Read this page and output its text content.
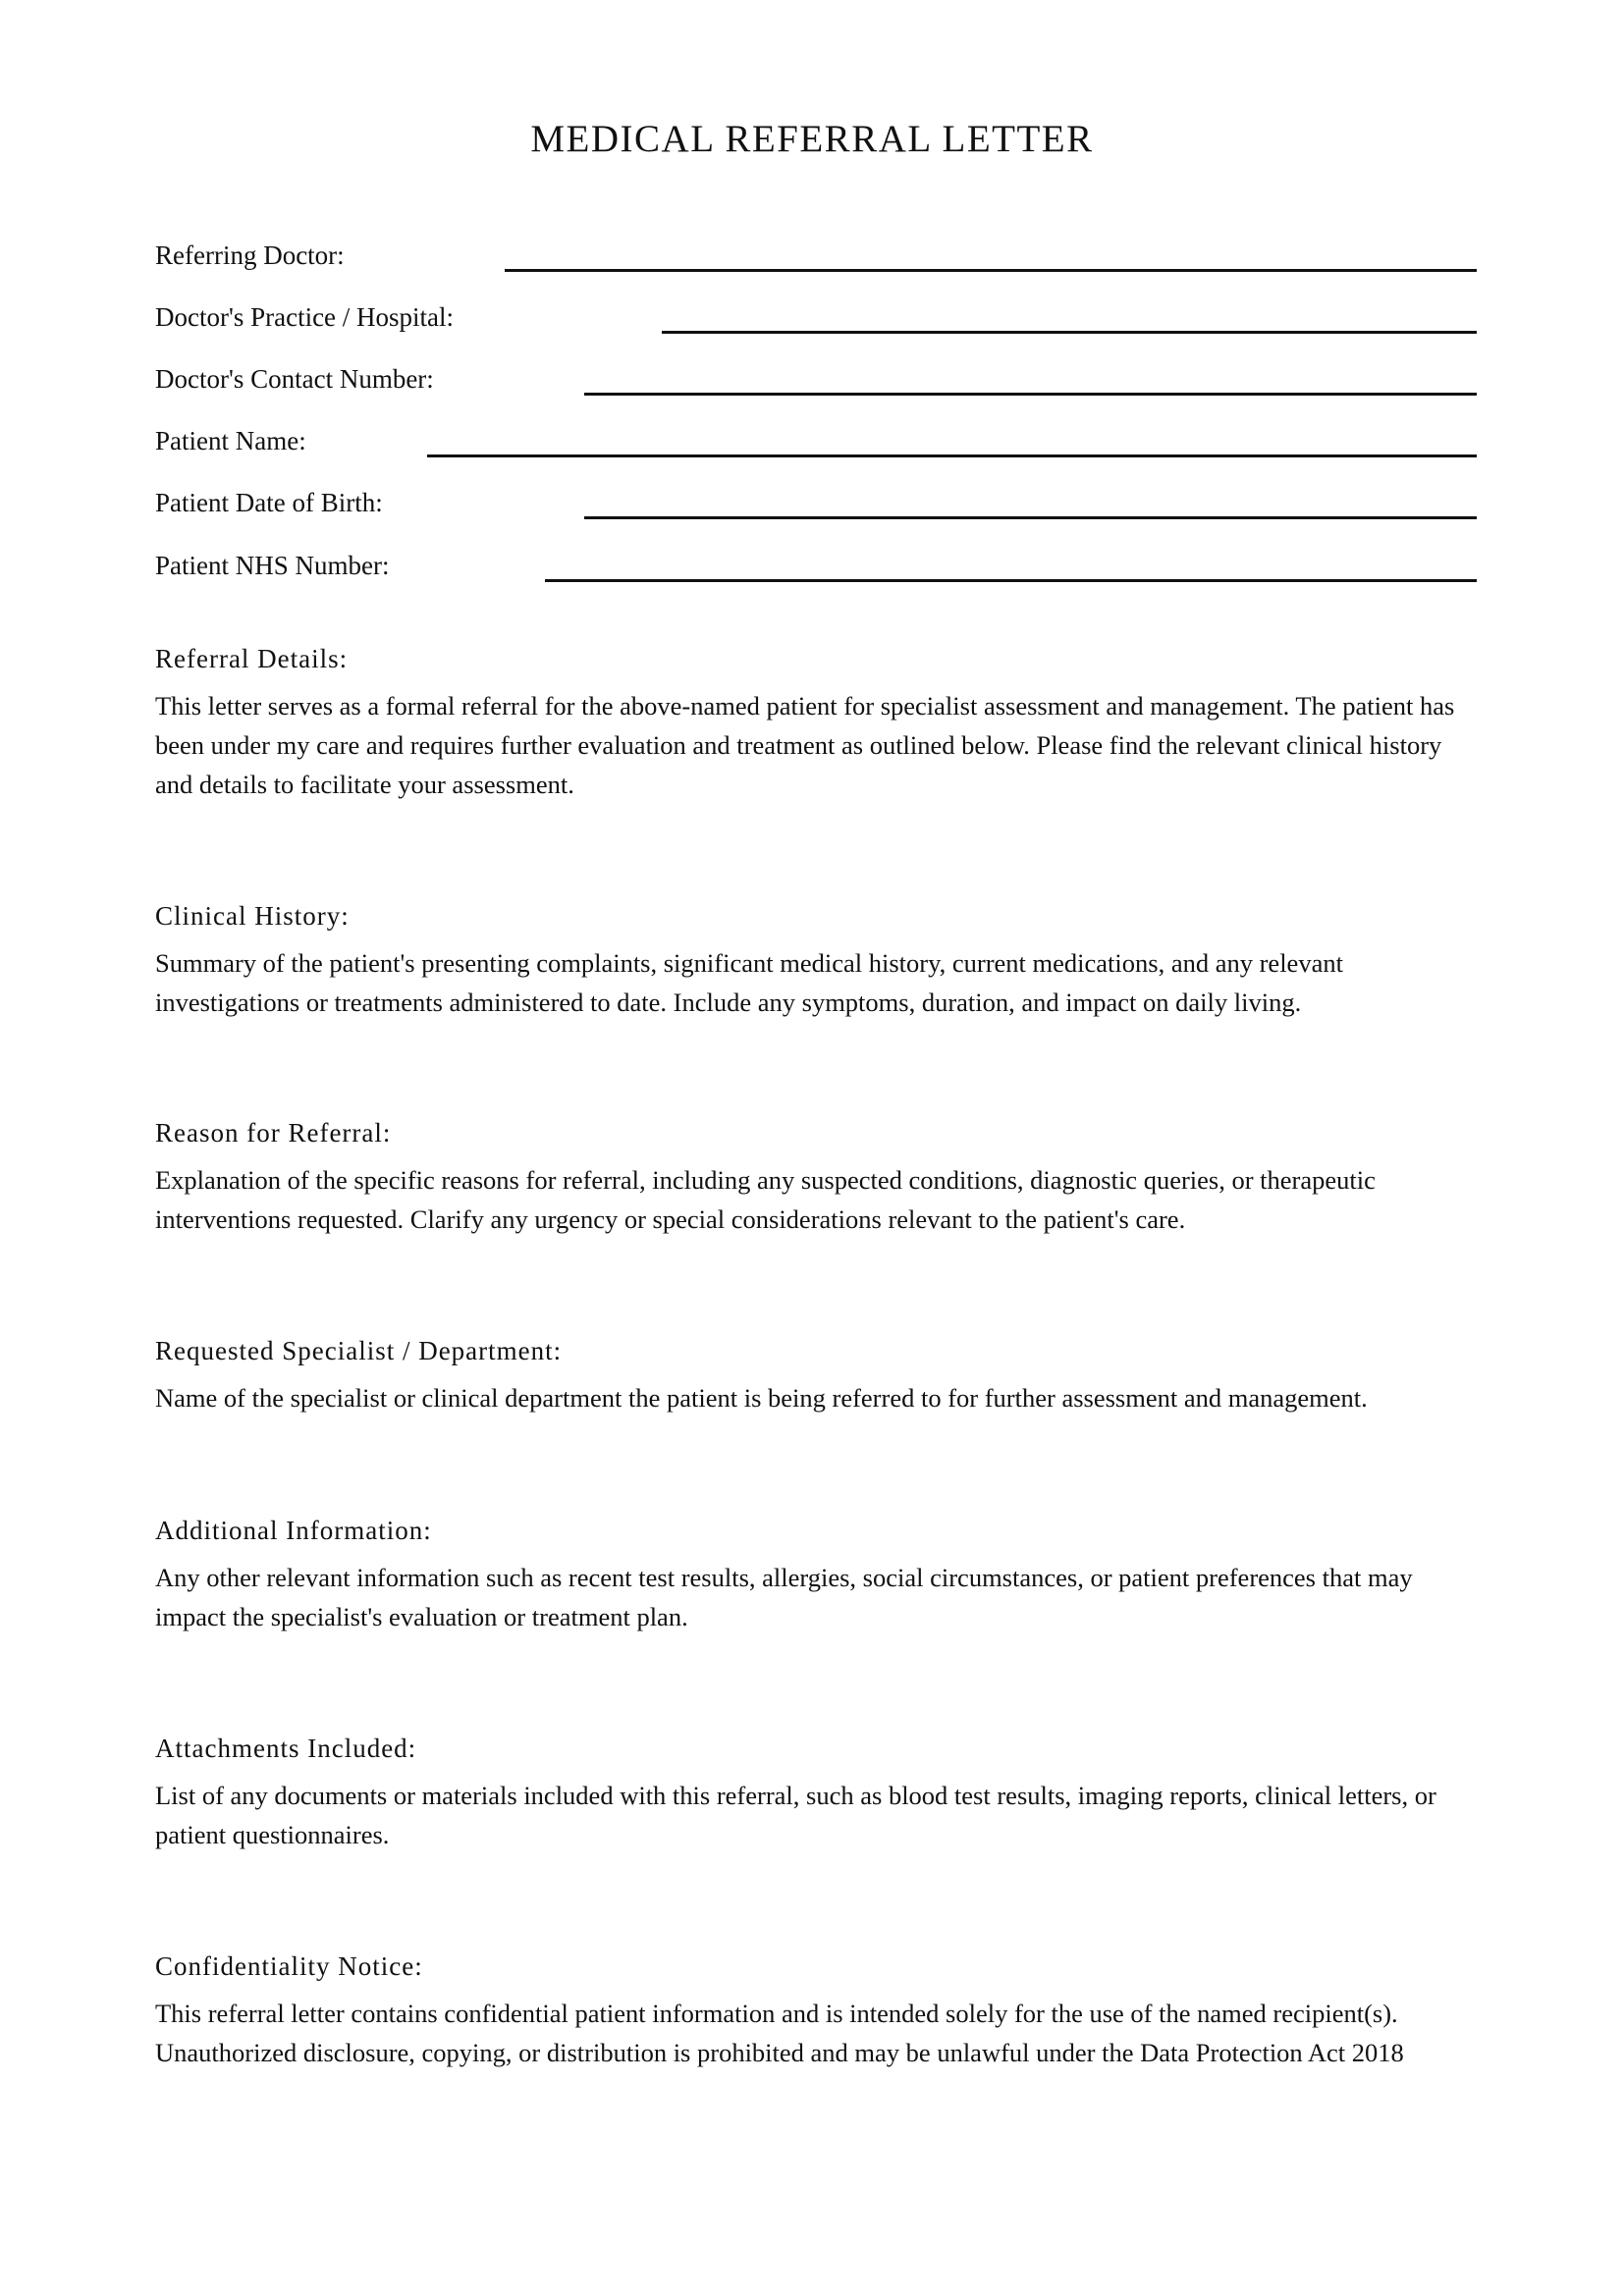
MEDICAL REFERRAL LETTER
Referring Doctor:
Doctor's Practice / Hospital:
Doctor's Contact Number:
Patient Name:
Patient Date of Birth:
Patient NHS Number:
Referral Details:

This letter serves as a formal referral for the above-named patient for specialist assessment and management. The patient has been under my care and requires further evaluation and treatment as outlined below. Please find the relevant clinical history and details to facilitate your assessment.

Clinical History:

Summary of the patient's presenting complaints, significant medical history, current medications, and any relevant investigations or treatments administered to date. Include any symptoms, duration, and impact on daily living.

Reason for Referral:

Explanation of the specific reasons for referral, including any suspected conditions, diagnostic queries, or therapeutic interventions requested. Clarify any urgency or special considerations relevant to the patient's care.

Requested Specialist / Department:

Name of the specialist or clinical department the patient is being referred to for further assessment and management.

Additional Information:

Any other relevant information such as recent test results, allergies, social circumstances, or patient preferences that may impact the specialist's evaluation or treatment plan.

Attachments Included:

List of any documents or materials included with this referral, such as blood test results, imaging reports, clinical letters, or patient questionnaires.

Confidentiality Notice:

This referral letter contains confidential patient information and is intended solely for the use of the named recipient(s). Unauthorized disclosure, copying, or distribution is prohibited and may be unlawful under the Data Protection Act 2018
